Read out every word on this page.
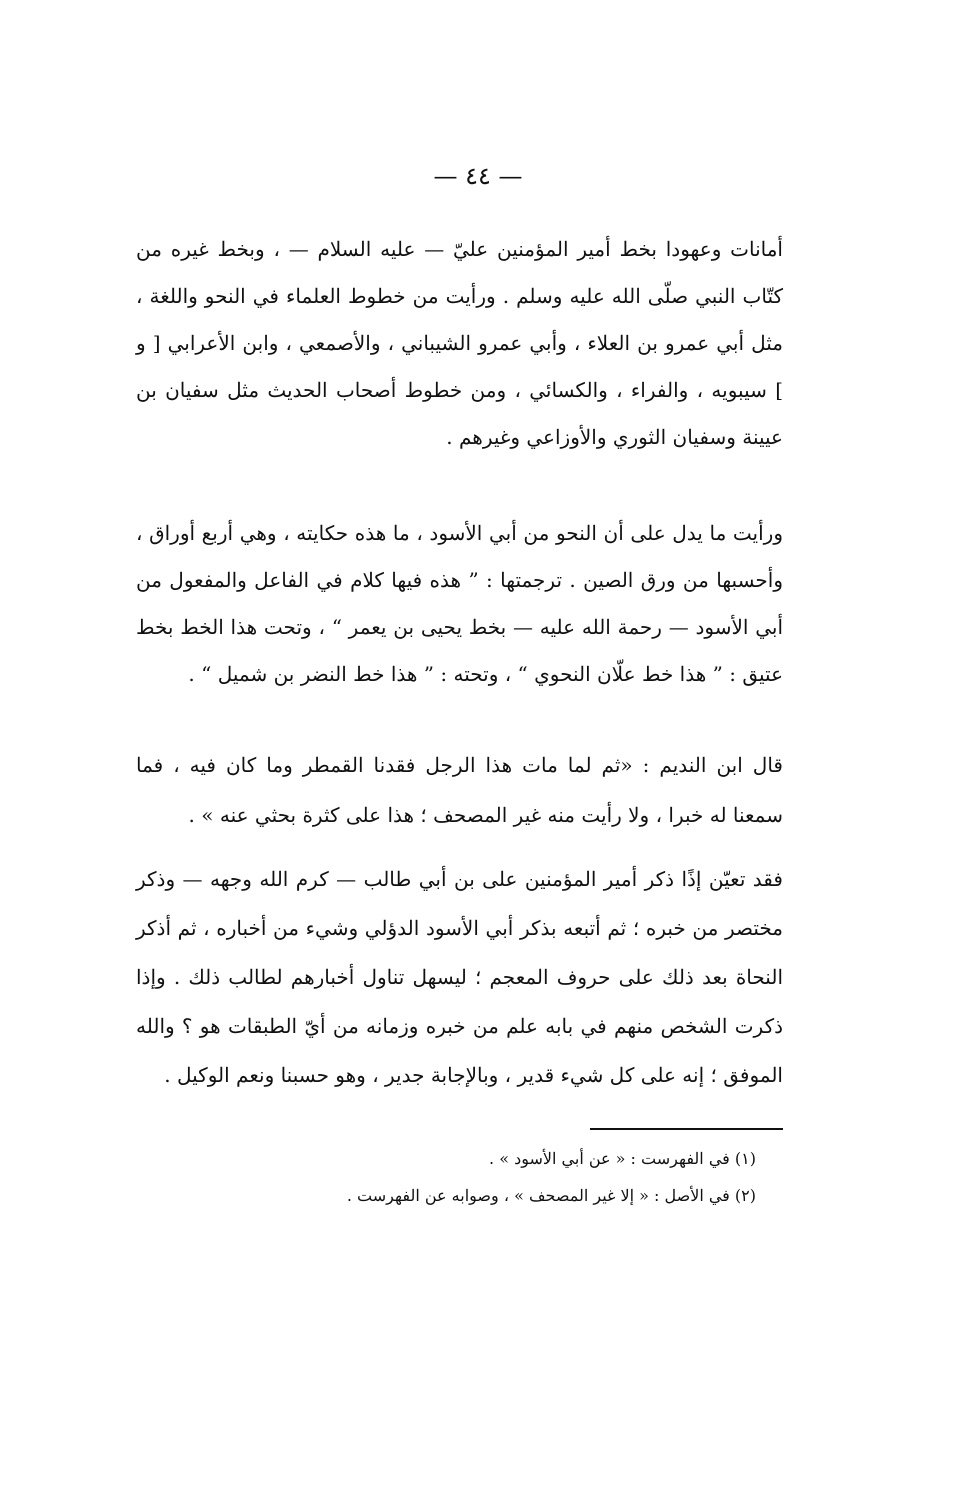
— ٤٤ —

أمانات وعهودا بخط أمير المؤمنين عليّ — عليه السلام — ، وبخط غيره من كتّاب النبي صلّى الله عليه وسلم . ورأيت من خطوط العلماء في النحو واللغة ، مثل أبي عمرو بن العلاء ، وأبي عمرو الشيباني ، والأصمعي ، وابن الأعرابي [ و ] سيبويه ، والفراء ، والكسائي ، ومن خطوط أصحاب الحديث مثل سفيان بن عيينة وسفيان الثوري والأوزاعي وغيرهم .

ورأيت ما يدل على أن النحو من أبي الأسود ، ما هذه حكايته ، وهي أربع أوراق ، وأحسبها من ورق الصين . ترجمتها : ” هذه فيها كلام في الفاعل والمفعول من أبي الأسود — رحمة الله عليه — بخط يحيى بن يعمر “ ، وتحت هذا الخط بخط عتيق : ” هذا خط علّان النحوي “ ، وتحته : ” هذا خط النضر بن شميل “ .

قال ابن النديم : «ثم لما مات هذا الرجل فقدنا القمطر وما كان فيه ، فما سمعنا له خبرا ، ولا رأيت منه غير المصحف ؛ هذا على كثرة بحثي عنه » .

فقد تعيّن إذًا ذكر أمير المؤمنين على بن أبي طالب — كرم الله وجهه — وذكر مختصر من خبره ؛ ثم أتبعه بذكر أبي الأسود الدؤلي وشيء من أخباره ، ثم أذكر النحاة بعد ذلك على حروف المعجم ؛ ليسهل تناول أخبارهم لطالب ذلك . وإذا ذكرت الشخص منهم في بابه علم من خبره وزمانه من أيّ الطبقات هو ؟ والله الموفق ؛ إنه على كل شيء قدير ، وبالإجابة جدير ، وهو حسبنا ونعم الوكيل .

(١) في الفهرست : « عن أبي الأسود » .
(٢) في الأصل : « إلا غير المصحف » ، وصوابه عن الفهرست .
